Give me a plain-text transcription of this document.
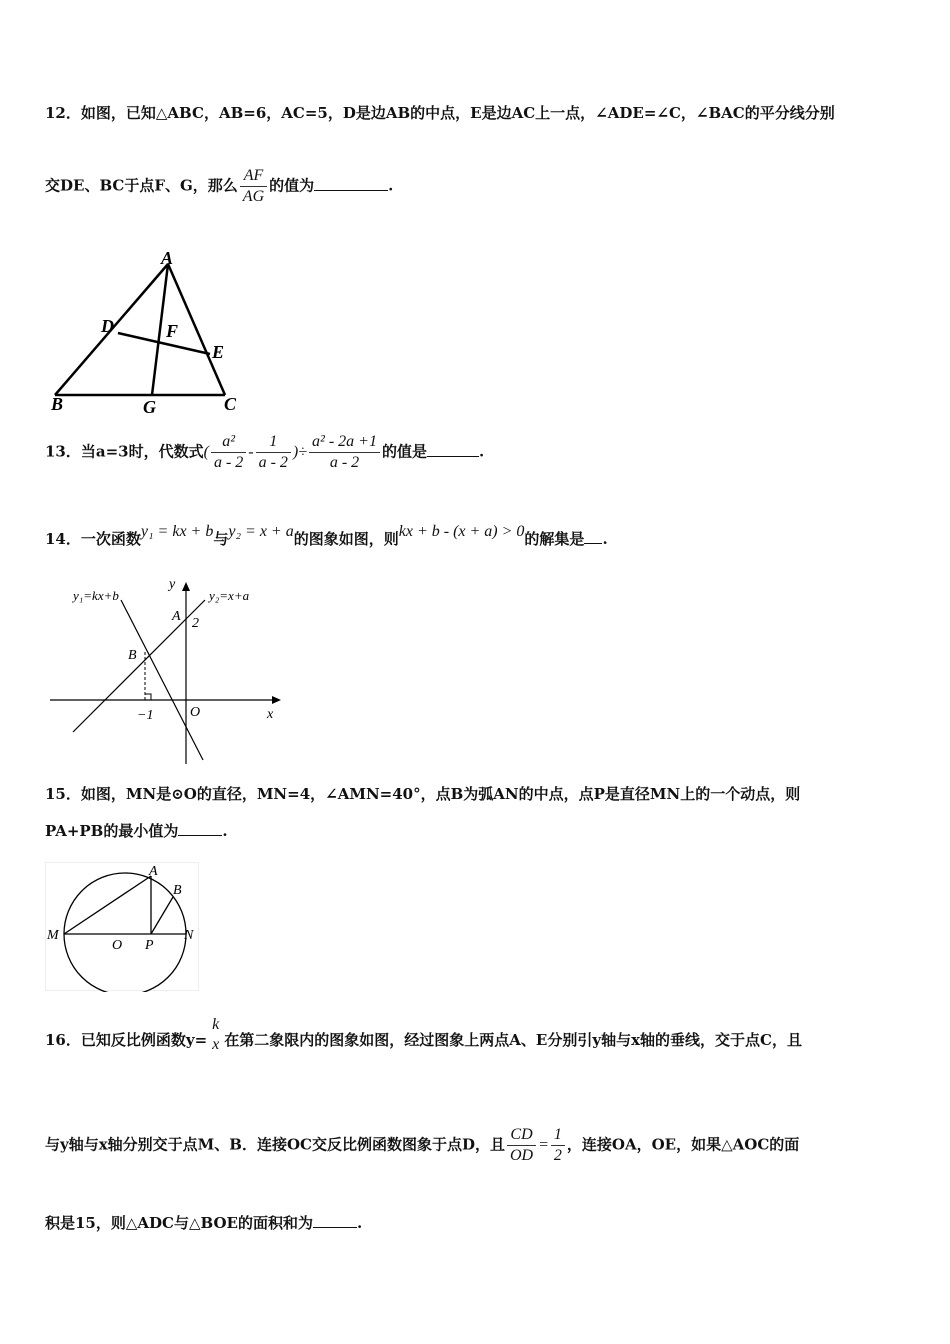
12．如图，已知△ABC，AB=6，AC=5，D是边AB的中点，E是边AC上一点，∠ADE=∠C，∠BAC的平分线分别
交DE、BC于点F、G，那么 $\frac{AF}{AG}$ 的值为	.
A
D	F
E
B	G	C
13．当a=3时，代数式( $\frac{\text{a²}}{a - 2} - \frac{1}{a - 2}$ )÷ $\frac{\text{a² - 2a +1}}{a - 2}$ 的值是	.
14．一次函数y₁ = kx + b与y₂ = x + a的图象如图，则kx + b - (x + a) > 0的解集是 .
y₁=kx+b	y₂=x+a
y
x
A 2
B
−1	O
15．如图，MN是⊙O的直径，MN=4，∠AMN=40°，点B为弧AN的中点，点P是直径MN上的一个动点，则
PA+PB的最小值为	.
M	N
O P
A
B
16．已知反比例函数y=
k
x 在第二象限内的图象如图，经过图象上两点A、E分别引y轴与x轴的垂线，交于点C，且
与y轴与x轴分别交于点M、B．连接OC交反比例函数图象于点D，且 $\frac{CD}{OD} = \frac{1}{2}$ ，连接OA，OE，如果△AOC的面
积是15，则△ADC与△BOE的面积和为	.
